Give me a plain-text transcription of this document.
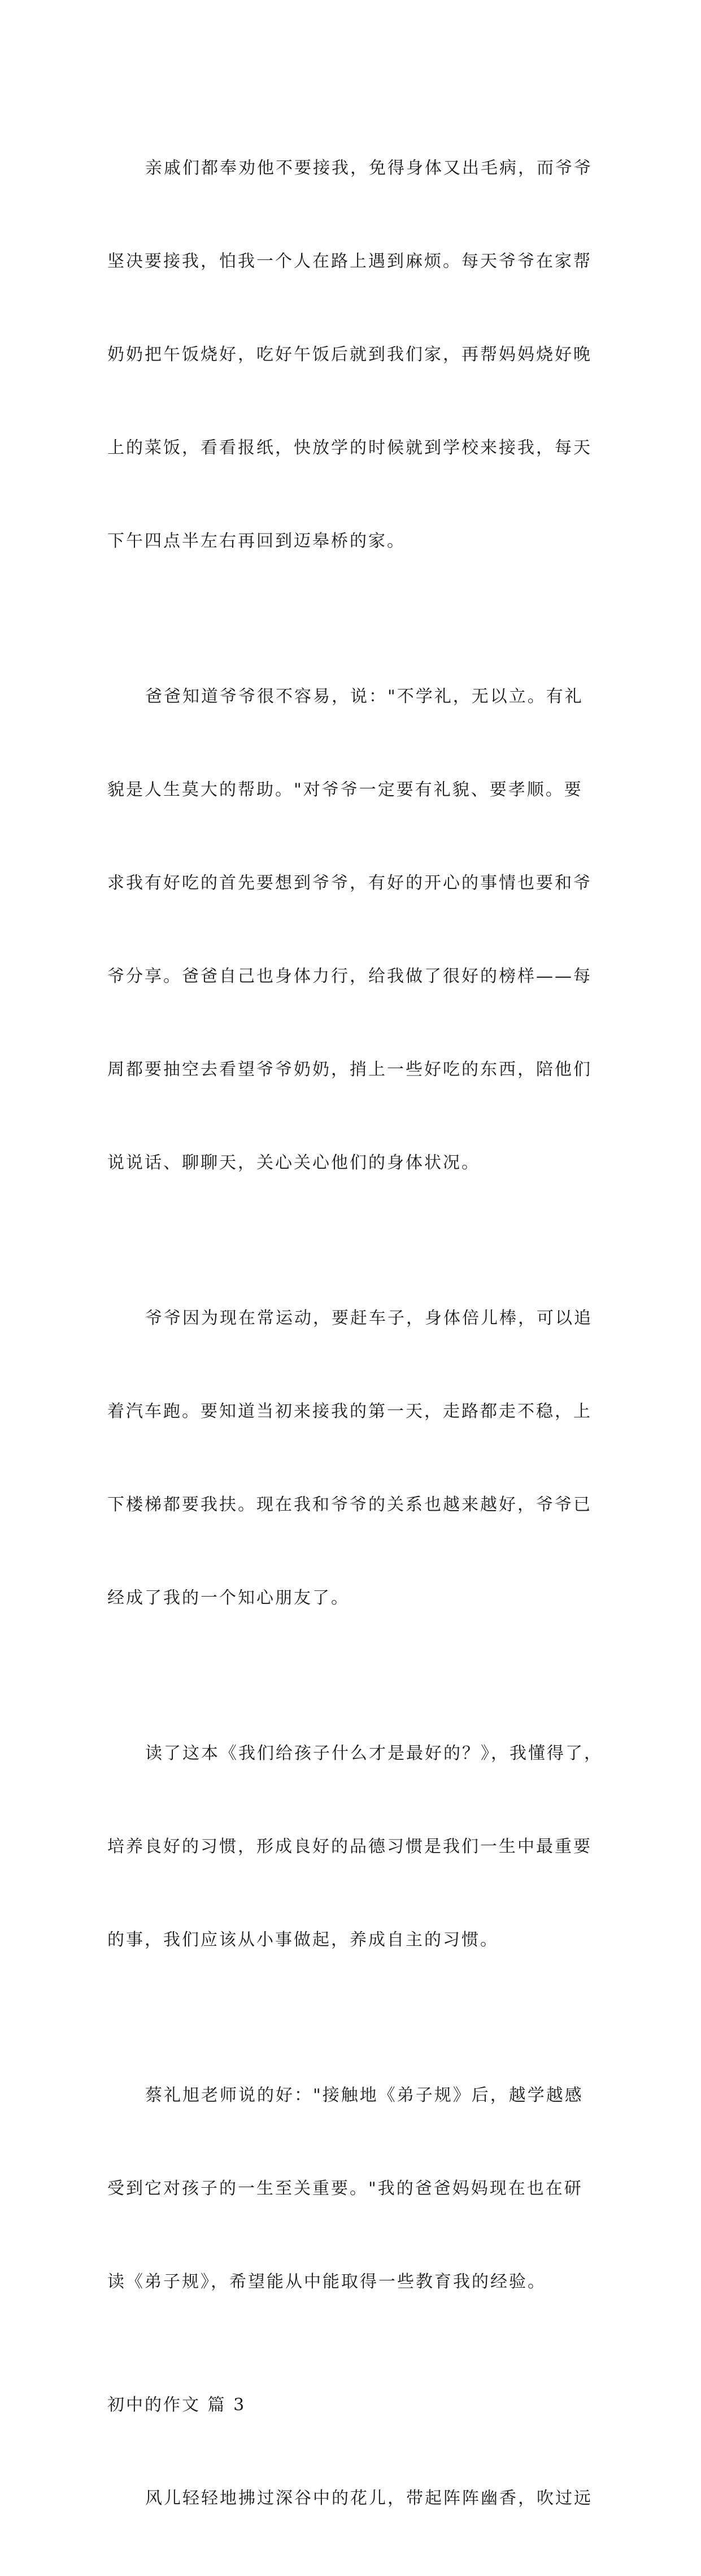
亲戚们都奉劝他不要接我，免得身体又出毛病，而爷爷

坚决要接我，怕我一个人在路上遇到麻烦。每天爷爷在家帮

奶奶把午饭烧好，吃好午饭后就到我们家，再帮妈妈烧好晚

上的菜饭，看看报纸，快放学的时候就到学校来接我，每天

下午四点半左右再回到迈皋桥的家。

爸爸知道爷爷很不容易，说："不学礼，无以立。有礼

貌是人生莫大的帮助。"对爷爷一定要有礼貌、要孝顺。要

求我有好吃的首先要想到爷爷，有好的开心的事情也要和爷

爷分享。爸爸自己也身体力行，给我做了很好的榜样——每

周都要抽空去看望爷爷奶奶，捎上一些好吃的东西，陪他们

说说话、聊聊天，关心关心他们的身体状况。

爷爷因为现在常运动，要赶车子，身体倍儿棒，可以追

着汽车跑。要知道当初来接我的第一天，走路都走不稳，上

下楼梯都要我扶。现在我和爷爷的关系也越来越好，爷爷已

经成了我的一个知心朋友了。

读了这本《我们给孩子什么才是最好的？》，我懂得了，

培养良好的习惯，形成良好的品德习惯是我们一生中最重要

的事，我们应该从小事做起，养成自主的习惯。

蔡礼旭老师说的好："接触地《弟子规》后，越学越感

受到它对孩子的一生至关重要。"我的爸爸妈妈现在也在研

读《弟子规》，希望能从中能取得一些教育我的经验。

初中的作文 篇 3

风儿轻轻地拂过深谷中的花儿，带起阵阵幽香，吹过远
